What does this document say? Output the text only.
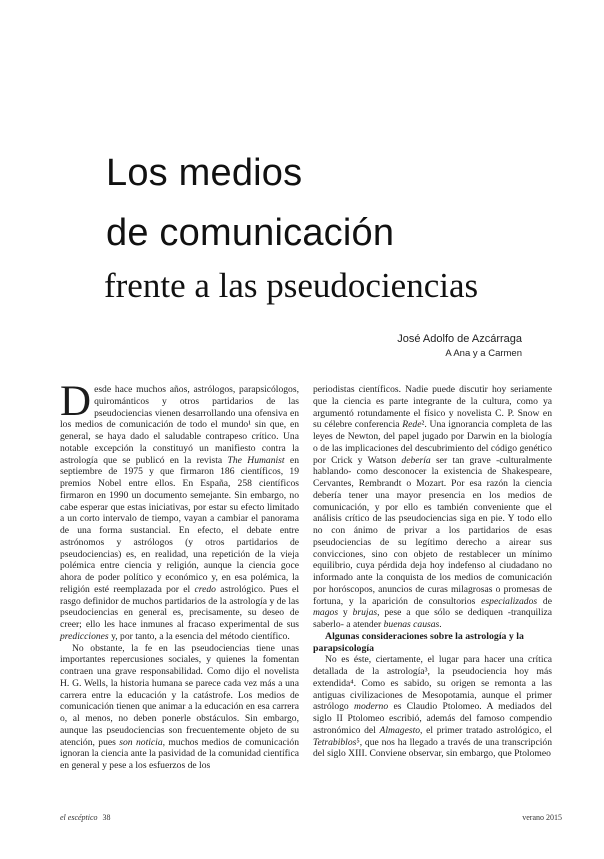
Los medios
de comunicación
frente a las pseudociencias
José Adolfo de Azcárraga
A Ana y a Carmen

Desde hace muchos años, astrólogos, parapsicólogos, quirománticos y otros partidarios de las pseudociencias vienen desarrollando una ofensiva en los medios de comunicación de todo el mundo¹ sin que, en general, se haya dado el saludable contrapeso crítico. Una notable excepción la constituyó un manifiesto contra la astrología que se publicó en la revista The Humanist en septiembre de 1975 y que firmaron 186 científicos, 19 premios Nobel entre ellos. En España, 258 científicos firmaron en 1990 un documento semejante. Sin embargo, no cabe esperar que estas iniciativas, por estar su efecto limitado a un corto intervalo de tiempo, vayan a cambiar el panorama de una forma sustancial. En efecto, el debate entre astrónomos y astrólogos (y otros partidarios de pseudociencias) es, en realidad, una repetición de la vieja polémica entre ciencia y religión, aunque la ciencia goce ahora de poder político y económico y, en esa polémica, la religión esté reemplazada por el credo astrológico. Pues el rasgo definidor de muchos partidarios de la astrología y de las pseudociencias en general es, precisamente, su deseo de creer; ello les hace inmunes al fracaso experimental de sus predicciones y, por tanto, a la esencia del método científico.

No obstante, la fe en las pseudociencias tiene unas importantes repercusiones sociales, y quienes la fomentan contraen una grave responsabilidad. Como dijo el novelista H. G. Wells, la historia humana se parece cada vez más a una carrera entre la educación y la catástrofe. Los medios de comunicación tienen que animar a la educación en esa carrera o, al menos, no deben ponerle obstáculos. Sin embargo, aunque las pseudociencias son frecuentemente objeto de su atención, pues son noticia, muchos medios de comunicación ignoran la ciencia ante la pasividad de la comunidad científica en general y pese a los esfuerzos de los

periodistas científicos. Nadie puede discutir hoy seriamente que la ciencia es parte integrante de la cultura, como ya argumentó rotundamente el físico y novelista C. P. Snow en su célebre conferencia Rede². Una ignorancia completa de las leyes de Newton, del papel jugado por Darwin en la biología o de las implicaciones del descubrimiento del código genético por Crick y Watson debería ser tan grave -culturalmente hablando- como desconocer la existencia de Shakespeare, Cervantes, Rembrandt o Mozart. Por esa razón la ciencia debería tener una mayor presencia en los medios de comunicación, y por ello es también conveniente que el análisis crítico de las pseudociencias siga en pie. Y todo ello no con ánimo de privar a los partidarios de esas pseudociencias de su legítimo derecho a airear sus convicciones, sino con objeto de restablecer un mínimo equilibrio, cuya pérdida deja hoy indefenso al ciudadano no informado ante la conquista de los medios de comunicación por horóscopos, anuncios de curas milagrosas o promesas de fortuna, y la aparición de consultorios especializados de magos y brujas, pese a que sólo se dediquen -tranquiliza saberlo- a atender buenas causas.

Algunas consideraciones sobre la astrología y la parapsicología

No es éste, ciertamente, el lugar para hacer una crítica detallada de la astrología³, la pseudociencia hoy más extendida⁴. Como es sabido, su origen se remonta a las antiguas civilizaciones de Mesopotamia, aunque el primer astrólogo moderno es Claudio Ptolomeo. A mediados del siglo II Ptolomeo escribió, además del famoso compendio astronómico del Almagesto, el primer tratado astrológico, el Tetrabiblos⁵, que nos ha llegado a través de una transcripción del siglo XIII. Conviene observar, sin embargo, que Ptolomeo

el escéptico 38	verano 2015
